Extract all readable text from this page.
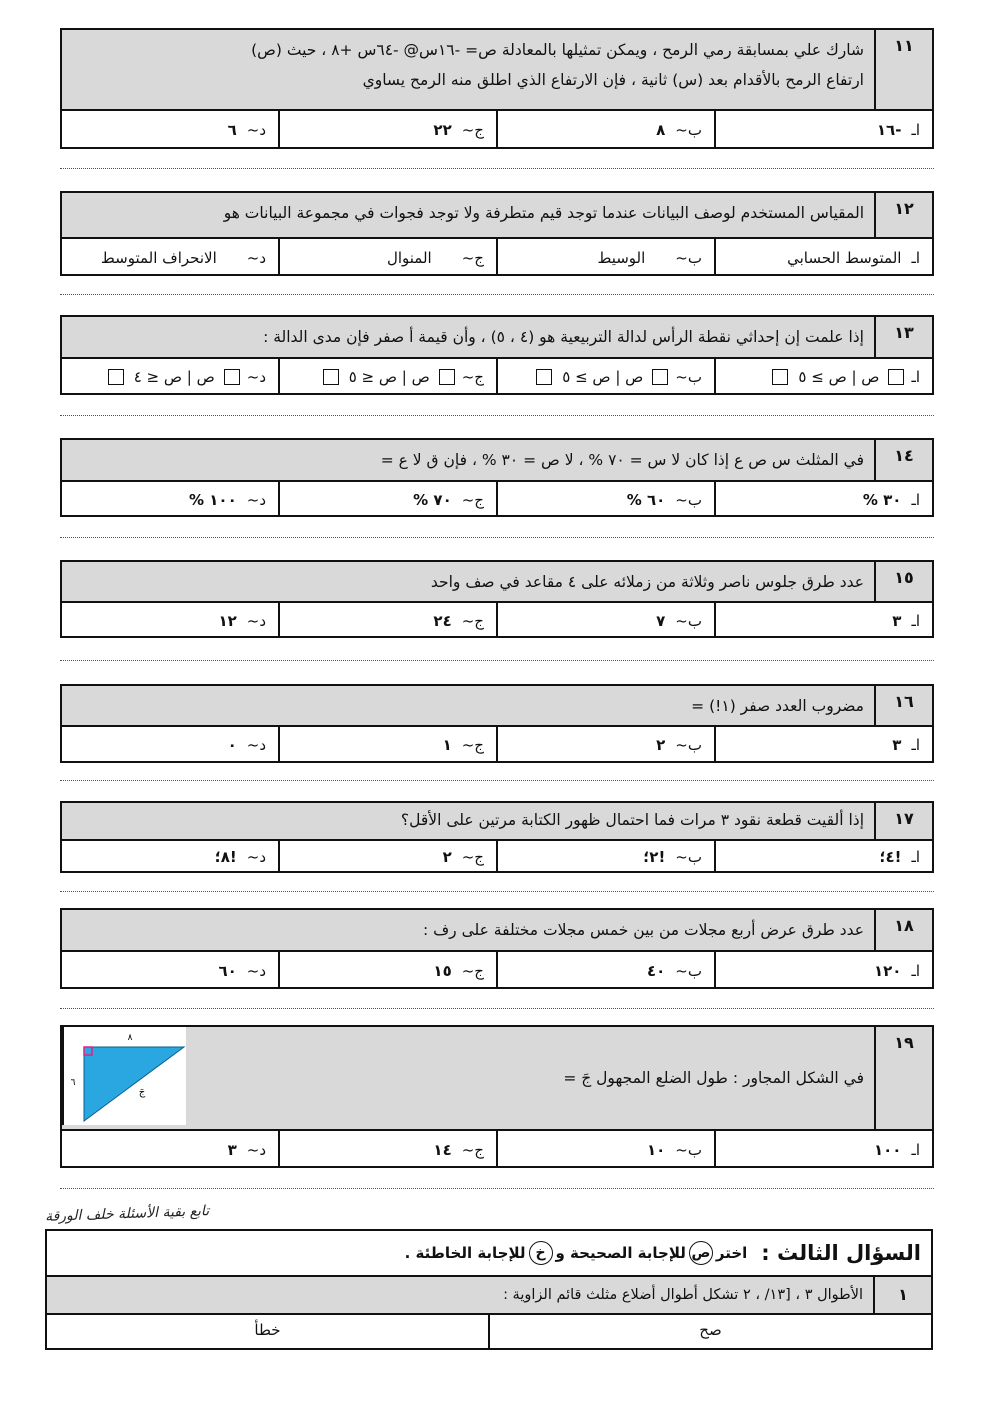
١١
شارك علي بمسابقة رمي الرمح ، ويمكن تمثيلها بالمعادلة ص= -١٦س@ -٦٤س +٨ ، حيث (ص)
ارتفاع الرمح بالأقدام بعد (س) ثانية ، فإن الارتفاع الذي اطلق منه الرمح يساوي
اـ
-١٦
ب~
٨
ج~
٢٢
د~
٦
١٢
المقياس المستخدم لوصف البيانات عندما توجد قيم متطرفة ولا توجد فجوات في مجموعة البيانات هو
اـ
المتوسط الحسابي
ب~
الوسيط
ج~
المنوال
د~
الانحراف المتوسط
١٣
إذا علمت إن إحداثي نقطة الرأس لدالة التربيعية هو (٤ ، ٥) ، وأن قيمة أ صفر فإن مدى الدالة :
اـ
ص | ص ≥ ٥
ب~
ص | ص ≥ ٥
ج~
ص | ص ≤ ٥
د~
ص | ص ≤ ٤
١٤
في المثلث س ص ع إذا كان لا س = ٧٠ % ، لا ص = ٣٠ % ، فإن ق لا ع =
اـ
٣٠ %
ب~
٦٠ %
ج~
٧٠ %
د~
١٠٠ %
١٥
عدد طرق جلوس ناصر وثلاثة من زملائه على ٤ مقاعد في صف واحد
اـ
٣
ب~
٧
ج~
٢٤
د~
١٢
١٦
مضروب العدد صفر (١!) =
اـ
٣
ب~
٢
ج~
١
د~
٠
١٧
إذا ألقيت قطعة نقود ٣ مرات فما احتمال ظهور الكتابة مرتين على الأقل؟
اـ
!٤؛
ب~
!٢؛
ج~
٢
د~
!٨؛
١٨
عدد طرق عرض أربع مجلات من بين خمس مجلات مختلفة على رف :
اـ
١٢٠
ب~
٤٠
ج~
١٥
د~
٦٠
١٩
في الشكل المجاور : طول الضلع المجهول جَ =
٨
٦
جَ
اـ
١٠٠
ب~
١٠
ج~
١٤
د~
٣
تابع بقية الأسئلة خلف الورقة
السؤال الثالث :
اختر
ص
للإجابة الصحيحة و
خ
للإجابة الخاطئة .
١
الأطوال ٣ ، [١٣/ ، ٢ تشكل أطوال أضلاع مثلث قائم الزاوية :
صح
خطأ
